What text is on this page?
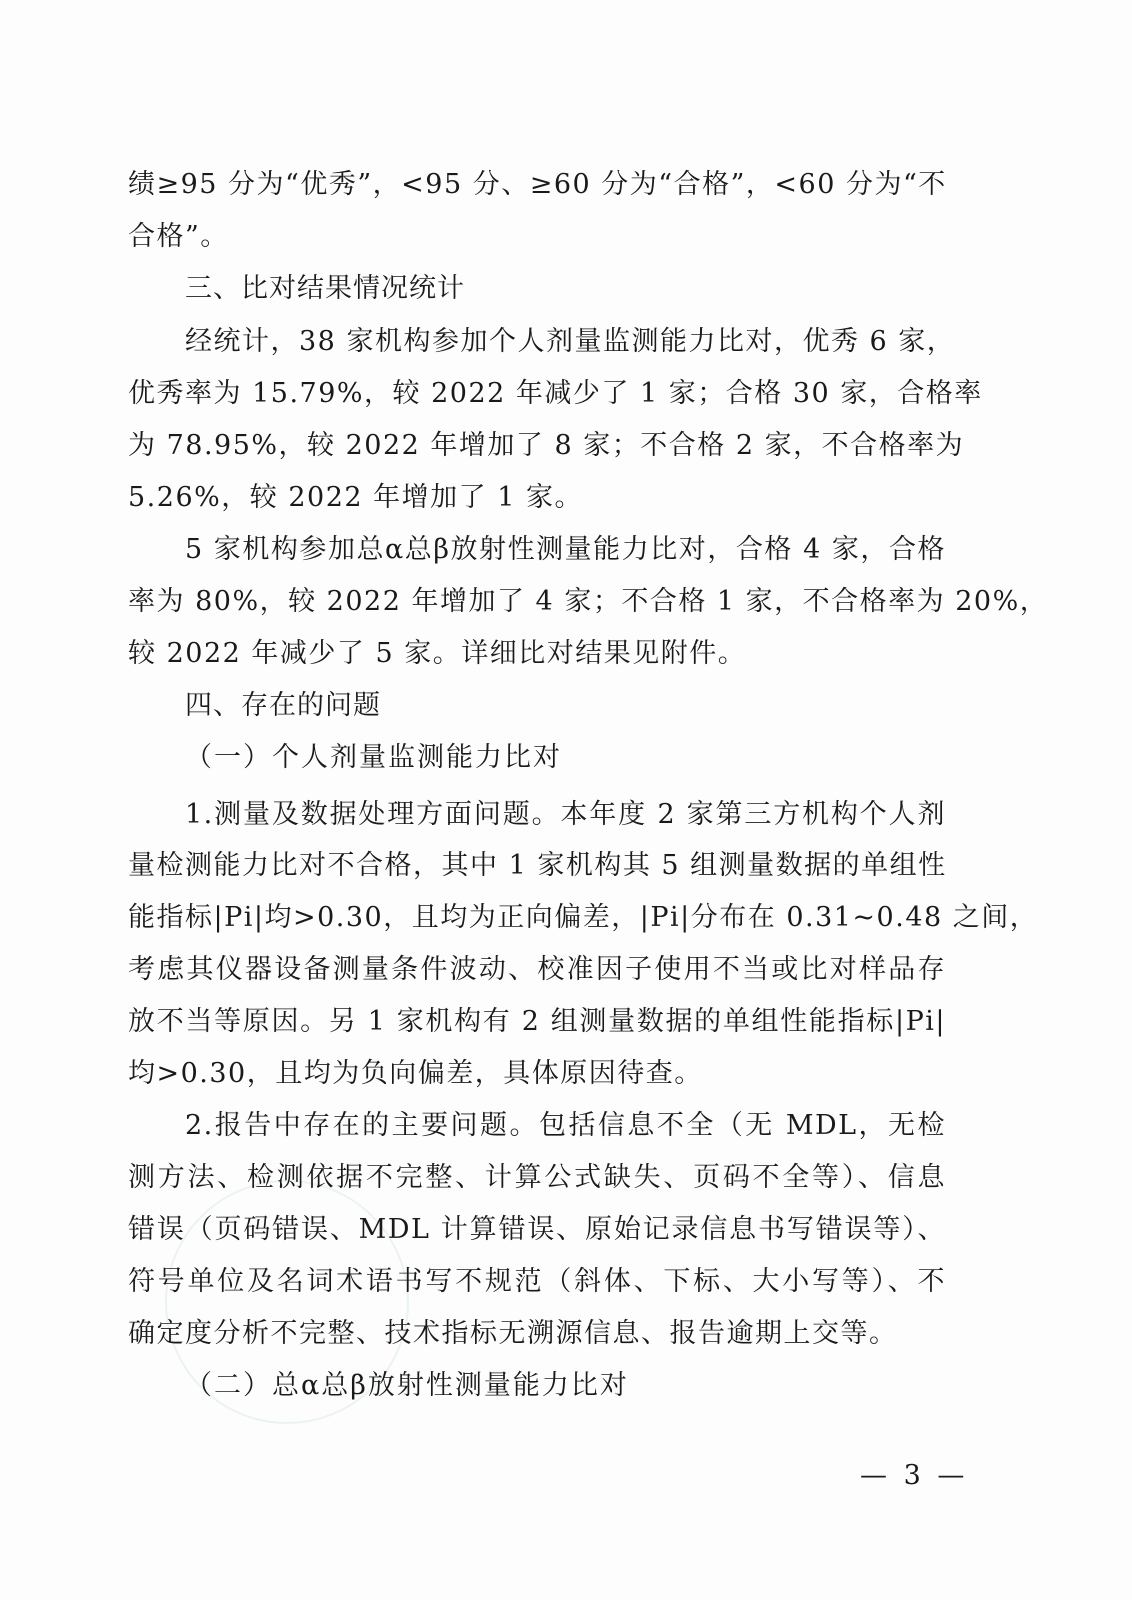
绩≥95 分为“优秀”，<95 分、≥60 分为“合格”，<60 分为“不
合格”。
三、比对结果情况统计
经统计，38 家机构参加个人剂量监测能力比对，优秀 6 家，
优秀率为 15.79%，较 2022 年减少了 1 家；合格 30 家，合格率
为 78.95%，较 2022 年增加了 8 家；不合格 2 家，不合格率为
5.26%，较 2022 年增加了 1 家。
5 家机构参加总α总β放射性测量能力比对，合格 4 家，合格
率为 80%，较 2022 年增加了 4 家；不合格 1 家，不合格率为 20%，
较 2022 年减少了 5 家。详细比对结果见附件。
四、存在的问题
（一）个人剂量监测能力比对
1.测量及数据处理方面问题。本年度 2 家第三方机构个人剂
量检测能力比对不合格，其中 1 家机构其 5 组测量数据的单组性
能指标|Pi|均>0.30，且均为正向偏差，|Pi|分布在 0.31~0.48 之间，
考虑其仪器设备测量条件波动、校准因子使用不当或比对样品存
放不当等原因。另 1 家机构有 2 组测量数据的单组性能指标|Pi|
均>0.30，且均为负向偏差，具体原因待查。
2.报告中存在的主要问题。包括信息不全（无 MDL，无检
测方法、检测依据不完整、计算公式缺失、页码不全等）、信息
错误（页码错误、MDL 计算错误、原始记录信息书写错误等）、
符号单位及名词术语书写不规范（斜体、下标、大小写等）、不
确定度分析不完整、技术指标无溯源信息、报告逾期上交等。
（二）总α总β放射性测量能力比对
— 3 —
